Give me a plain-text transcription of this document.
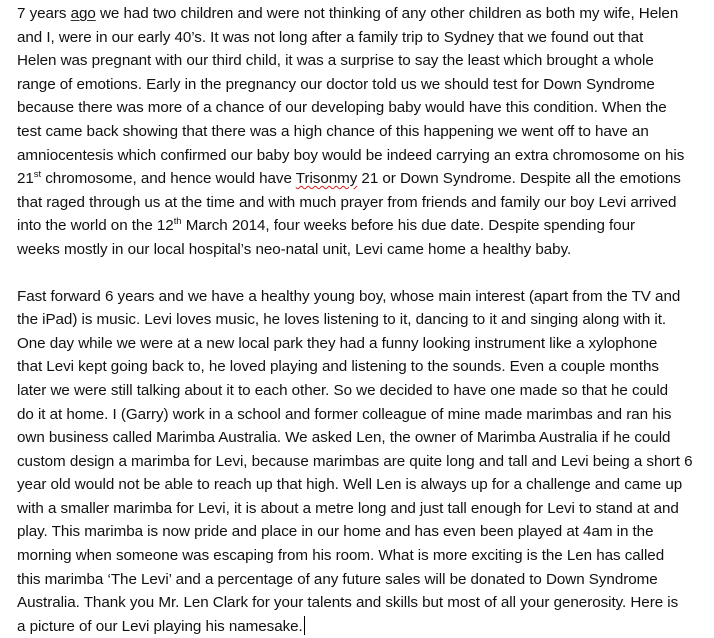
7 years ago we had two children and were not thinking of any other children as both my wife, Helen
and I, were in our early 40’s. It was not long after a family trip to Sydney that we found out that
Helen was pregnant with our third child, it was a surprise to say the least which brought a whole
range of emotions. Early in the pregnancy our doctor told us we should test for Down Syndrome
because there was more of a chance of our developing baby would have this condition. When the
test came back showing that there was a high chance of this happening we went off to have an
amniocentesis which confirmed our baby boy would be indeed carrying an extra chromosome on his
21st chromosome, and hence would have Trisonmy 21 or Down Syndrome. Despite all the emotions
that raged through us at the time and with much prayer from friends and family our boy Levi arrived
into the world on the 12th March 2014, four weeks before his due date. Despite spending four
weeks mostly in our local hospital’s neo-natal unit, Levi came home a healthy baby.
Fast forward 6 years and we have a healthy young boy, whose main interest (apart from the TV and
the iPad) is music. Levi loves music, he loves listening to it, dancing to it and singing along with it.
One day while we were at a new local park they had a funny looking instrument like a xylophone
that Levi kept going back to, he loved playing and listening to the sounds. Even a couple months
later we were still talking about it to each other. So we decided to have one made so that he could
do it at home. I (Garry) work in a school and former colleague of mine made marimbas and ran his
own business called Marimba Australia. We asked Len, the owner of Marimba Australia if he could
custom design a marimba for Levi, because marimbas are quite long and tall and Levi being a short 6
year old would not be able to reach up that high. Well Len is always up for a challenge and came up
with a smaller marimba for Levi, it is about a metre long and just tall enough for Levi to stand at and
play. This marimba is now pride and place in our home and has even been played at 4am in the
morning when someone was escaping from his room. What is more exciting is the Len has called
this marimba ‘The Levi’ and a percentage of any future sales will be donated to Down Syndrome
Australia. Thank you Mr. Len Clark for your talents and skills but most of all your generosity. Here is
a picture of our Levi playing his namesake.
